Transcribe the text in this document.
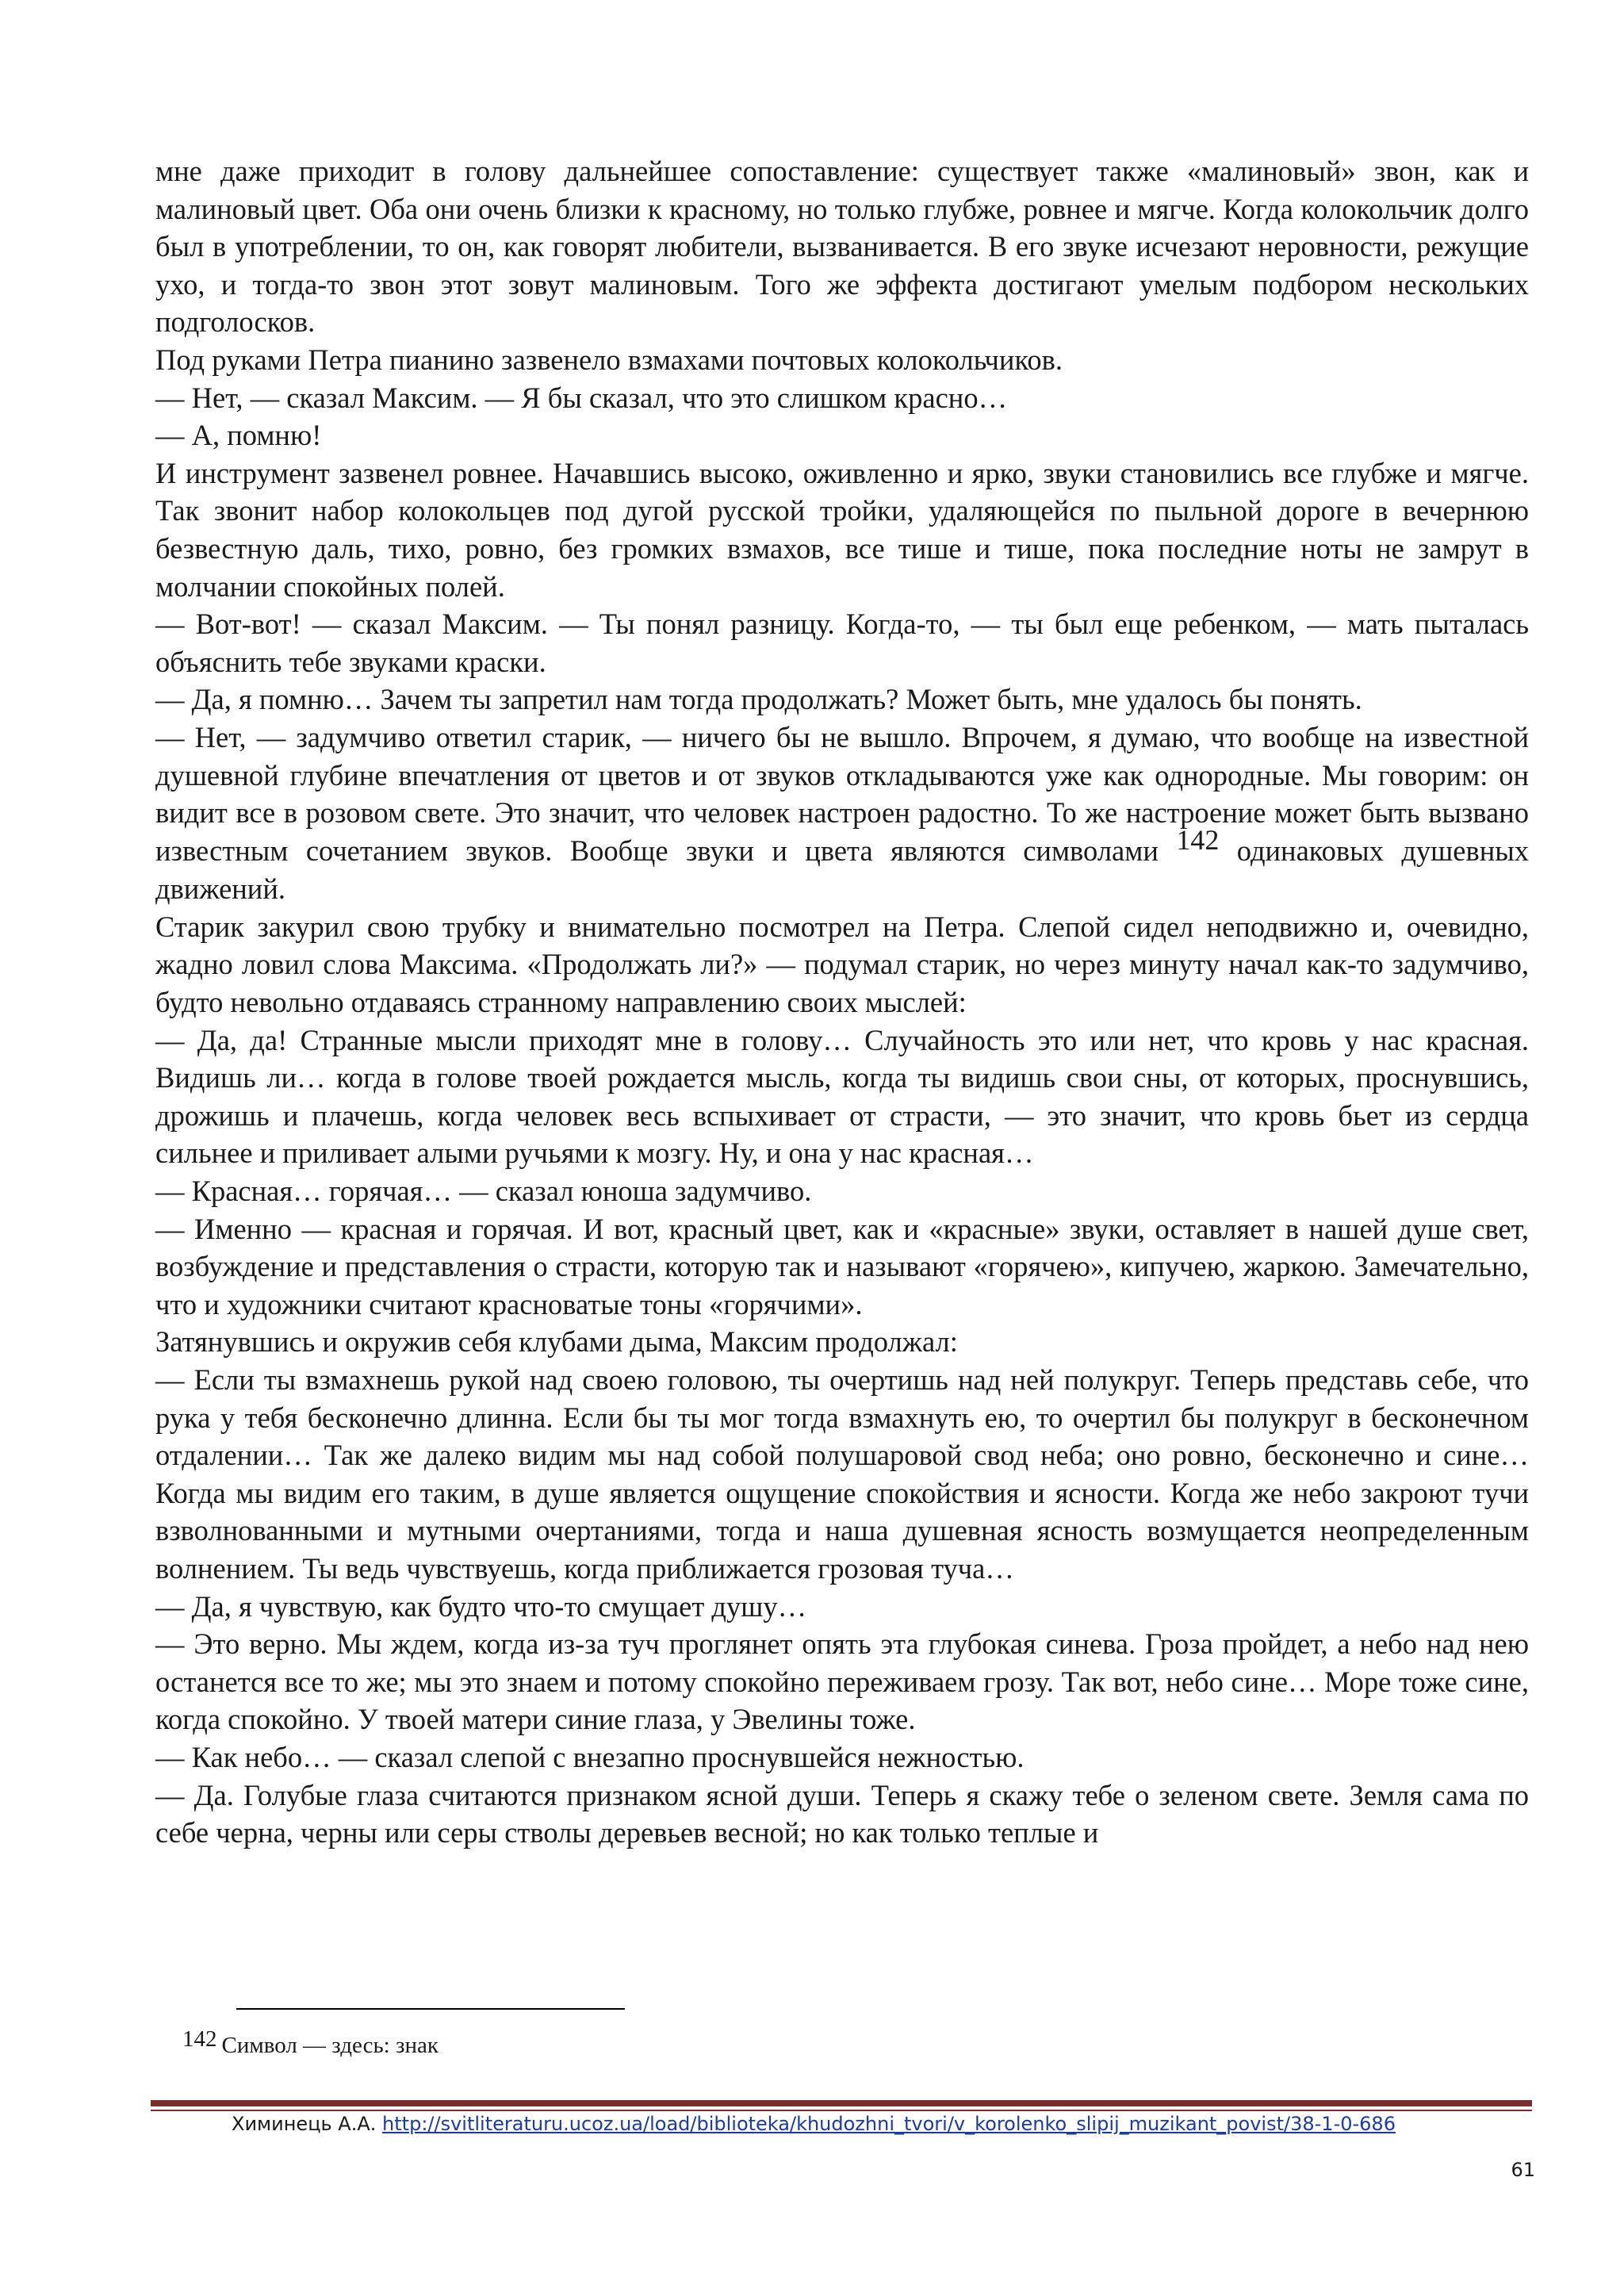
мне даже приходит в голову дальнейшее сопоставление: существует также «малиновый» звон, как и малиновый цвет. Оба они очень близки к красному, но только глубже, ровнее и мягче. Когда колокольчик долго был в употреблении, то он, как говорят любители, вызванивается. В его звуке исчезают неровности, режущие ухо, и тогда-то звон этот зовут малиновым. Того же эффекта достигают умелым подбором нескольких подголосков.

Под руками Петра пианино зазвенело взмахами почтовых колокольчиков.

— Нет, — сказал Максим. — Я бы сказал, что это слишком красно…

— А, помню!

И инструмент зазвенел ровнее. Начавшись высоко, оживленно и ярко, звуки становились все глубже и мягче. Так звонит набор колокольцев под дугой русской тройки, удаляющейся по пыльной дороге в вечернюю безвестную даль, тихо, ровно, без громких взмахов, все тише и тише, пока последние ноты не замрут в молчании спокойных полей.

— Вот-вот! — сказал Максим. — Ты понял разницу. Когда-то, — ты был еще ребенком, — мать пыталась объяснить тебе звуками краски.

— Да, я помню… Зачем ты запретил нам тогда продолжать? Может быть, мне удалось бы понять.

— Нет, — задумчиво ответил старик, — ничего бы не вышло. Впрочем, я думаю, что вообще на известной душевной глубине впечатления от цветов и от звуков откладываются уже как однородные. Мы говорим: он видит все в розовом свете. Это значит, что человек настроен радостно. То же настроение может быть вызвано известным сочетанием звуков. Вообще звуки и цвета являются символами 142 одинаковых душевных движений.

Старик закурил свою трубку и внимательно посмотрел на Петра. Слепой сидел неподвижно и, очевидно, жадно ловил слова Максима. «Продолжать ли?» — подумал старик, но через минуту начал как-то задумчиво, будто невольно отдаваясь странному направлению своих мыслей:

— Да, да! Странные мысли приходят мне в голову… Случайность это или нет, что кровь у нас красная. Видишь ли… когда в голове твоей рождается мысль, когда ты видишь свои сны, от которых, проснувшись, дрожишь и плачешь, когда человек весь вспыхивает от страсти, — это значит, что кровь бьет из сердца сильнее и приливает алыми ручьями к мозгу. Ну, и она у нас красная…

— Красная… горячая… — сказал юноша задумчиво.

— Именно — красная и горячая. И вот, красный цвет, как и «красные» звуки, оставляет в нашей душе свет, возбуждение и представления о страсти, которую так и называют «горячею», кипучею, жаркою. Замечательно, что и художники считают красноватые тоны «горячими».

Затянувшись и окружив себя клубами дыма, Максим продолжал:

— Если ты взмахнешь рукой над своею головою, ты очертишь над ней полукруг. Теперь представь себе, что рука у тебя бесконечно длинна. Если бы ты мог тогда взмахнуть ею, то очертил бы полукруг в бесконечном отдалении… Так же далеко видим мы над собой полушаровой свод неба; оно ровно, бесконечно и сине… Когда мы видим его таким, в душе является ощущение спокойствия и ясности. Когда же небо закроют тучи взволнованными и мутными очертаниями, тогда и наша душевная ясность возмущается неопределенным волнением. Ты ведь чувствуешь, когда приближается грозовая туча…

— Да, я чувствую, как будто что-то смущает душу…

— Это верно. Мы ждем, когда из-за туч проглянет опять эта глубокая синева. Гроза пройдет, а небо над нею останется все то же; мы это знаем и потому спокойно переживаем грозу. Так вот, небо сине… Море тоже сине, когда спокойно. У твоей матери синие глаза, у Эвелины тоже.

— Как небо… — сказал слепой с внезапно проснувшейся нежностью.

— Да. Голубые глаза считаются признаком ясной души. Теперь я скажу тебе о зеленом свете. Земля сама по себе черна, черны или серы стволы деревьев весной; но как только теплые и

142 Символ — здесь: знак
Химинець А.А. http://svitliteraturu.ucoz.ua/load/biblioteka/khudozhni_tvori/v_korolenko_slipij_muzikant_povist/38-1-0-686
61
